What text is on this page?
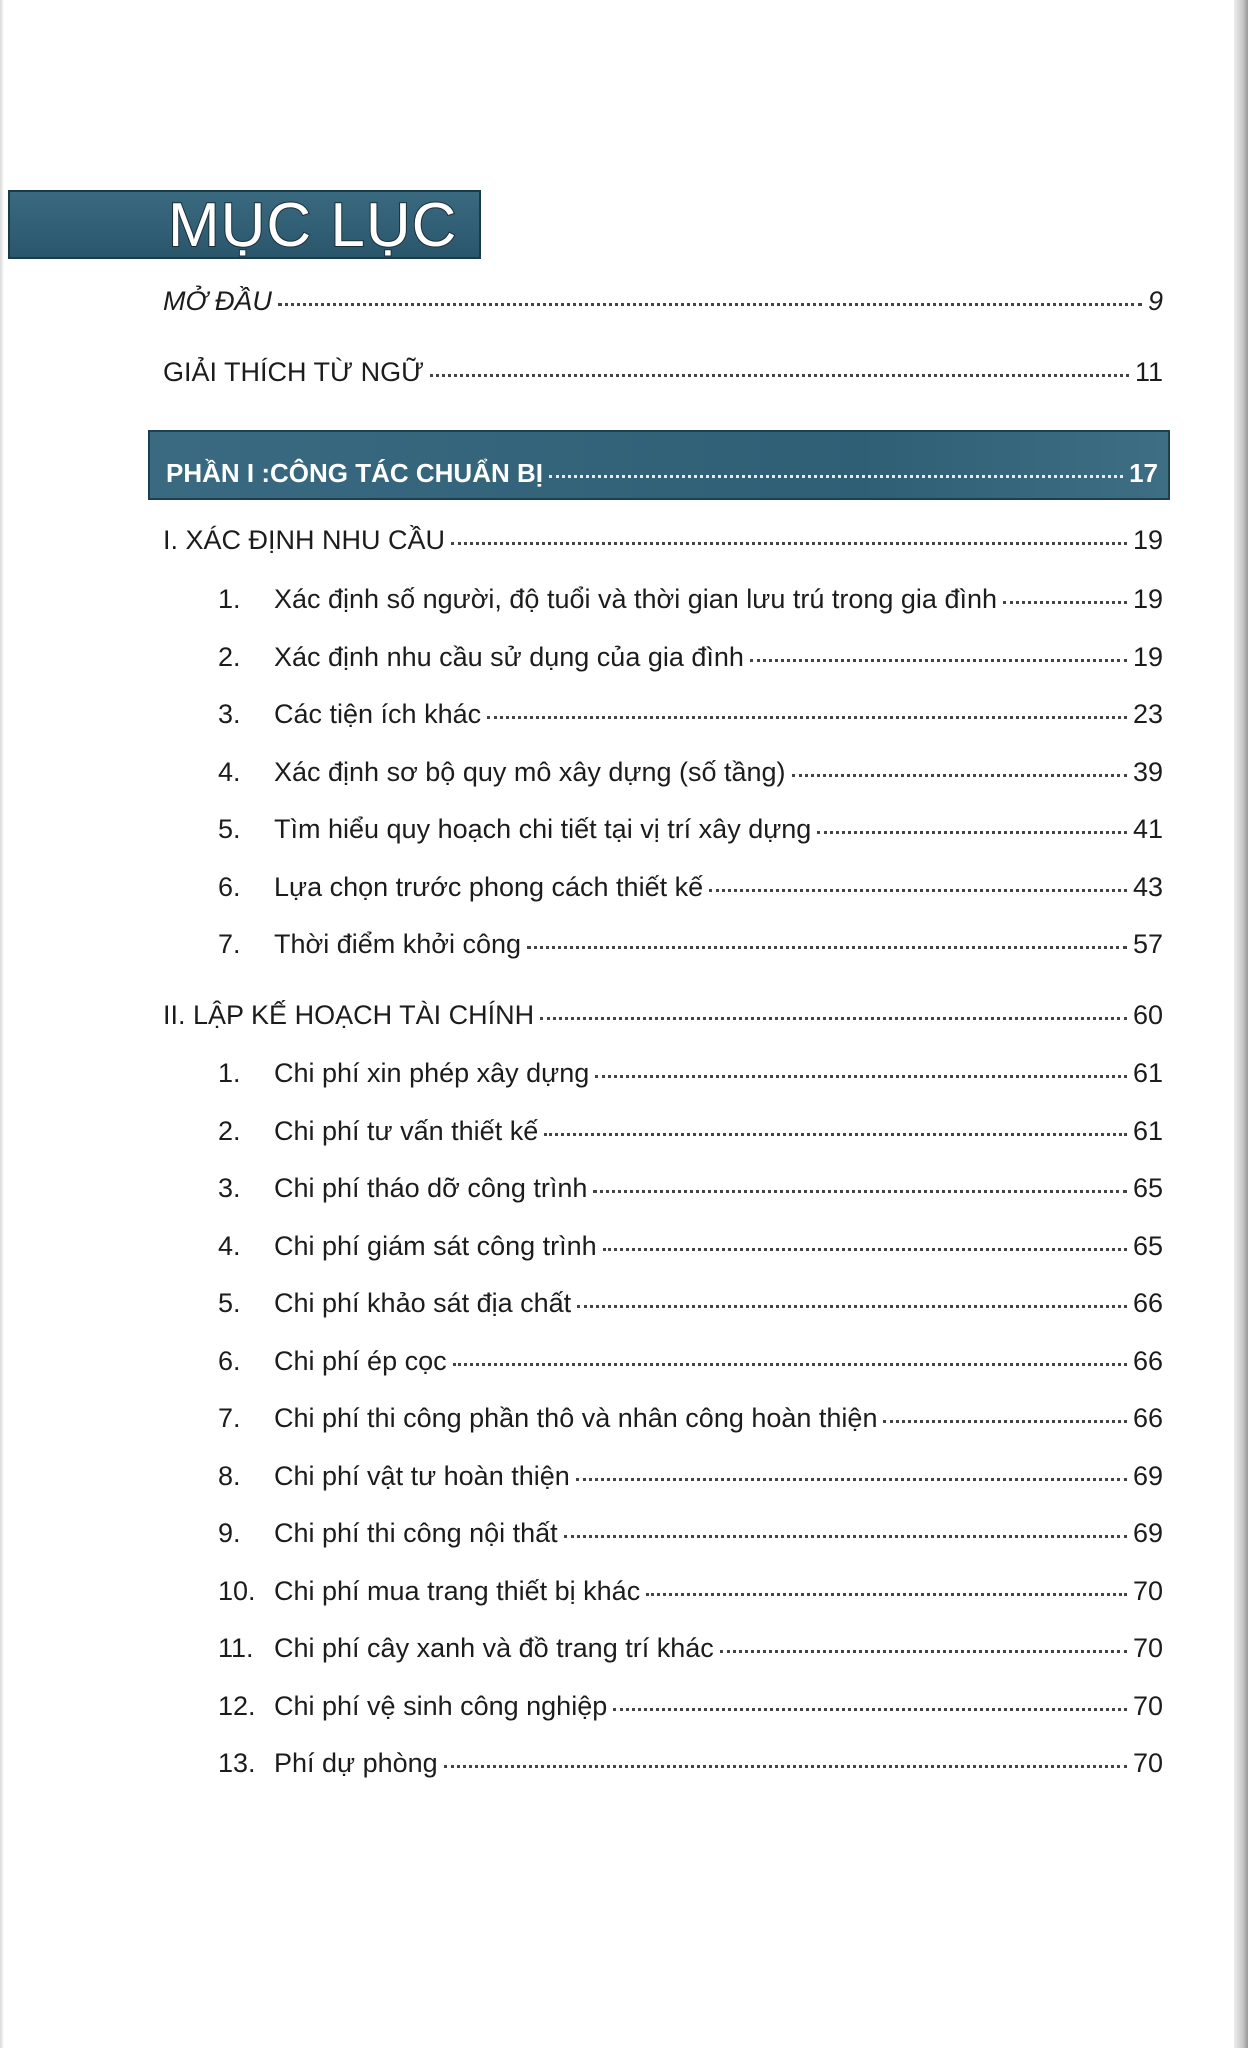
MỤC LỤC
MỞ ĐẦU	9
GIẢI THÍCH TỪ NGỮ	11
PHẦN I :CÔNG TÁC CHUẨN BỊ	17
I. XÁC ĐỊNH NHU CẦU	19
1.	Xác định số người, độ tuổi và thời gian lưu trú trong gia đình	19
2.	Xác định nhu cầu sử dụng của gia đình	19
3.	Các tiện ích khác	23
4.	Xác định sơ bộ quy mô xây dựng (số tầng)	39
5.	Tìm hiểu quy hoạch chi tiết tại vị trí xây dựng	41
6.	Lựa chọn trước phong cách thiết kế	43
7.	Thời điểm khởi công	57
II. LẬP KẾ HOẠCH TÀI CHÍNH	60
1.	Chi phí xin phép xây dựng	61
2.	Chi phí tư vấn thiết kế	61
3.	Chi phí tháo dỡ công trình	65
4.	Chi phí giám sát công trình	65
5.	Chi phí khảo sát địa chất	66
6.	Chi phí ép cọc	66
7.	Chi phí thi công phần thô và nhân công hoàn thiện	66
8.	Chi phí vật tư hoàn thiện	69
9.	Chi phí thi công nội thất	69
10. Chi phí mua trang thiết bị khác	70
11. Chi phí cây xanh và đồ trang trí khác	70
12. Chi phí vệ sinh công nghiệp	70
13. Phí dự phòng	70
